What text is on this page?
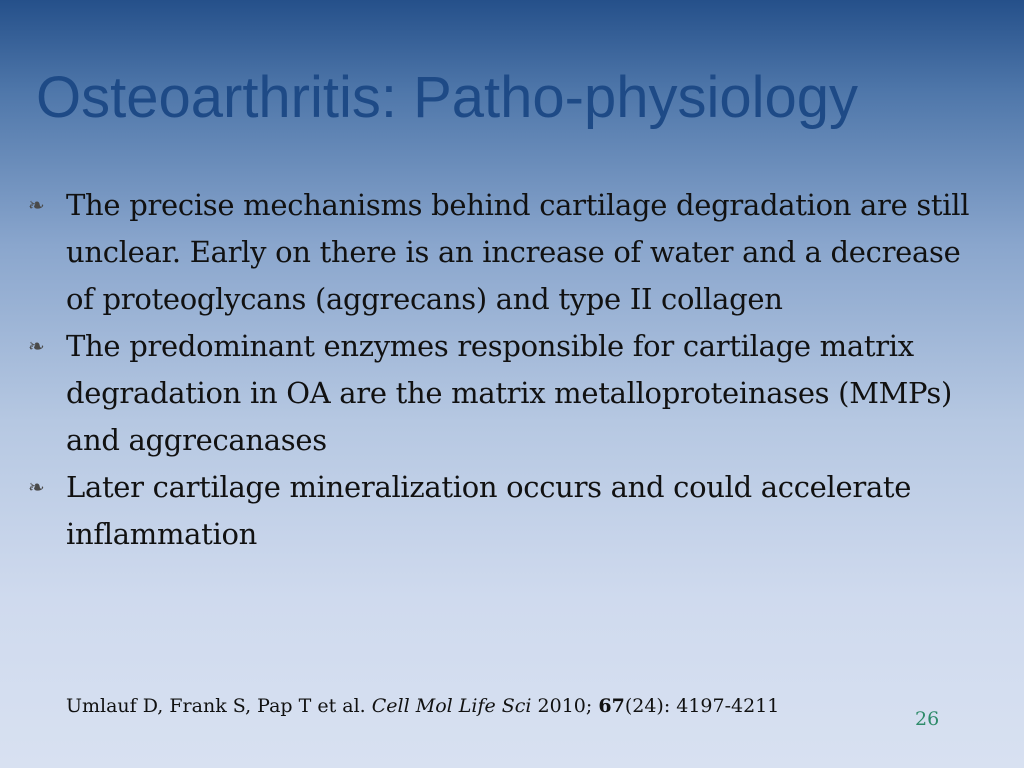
Osteoarthritis: Patho-physiology
❧ The precise mechanisms behind cartilage degradation are still unclear. Early on there is an increase of water and a decrease of proteoglycans (aggrecans) and type II collagen
❧ The predominant enzymes responsible for cartilage matrix degradation in OA are the matrix metalloproteinases (MMPs) and aggrecanases
❧ Later cartilage mineralization occurs and could accelerate inflammation
Umlauf D, Frank S, Pap T et al. Cell Mol Life Sci 2010; 67(24): 4197-4211
26
